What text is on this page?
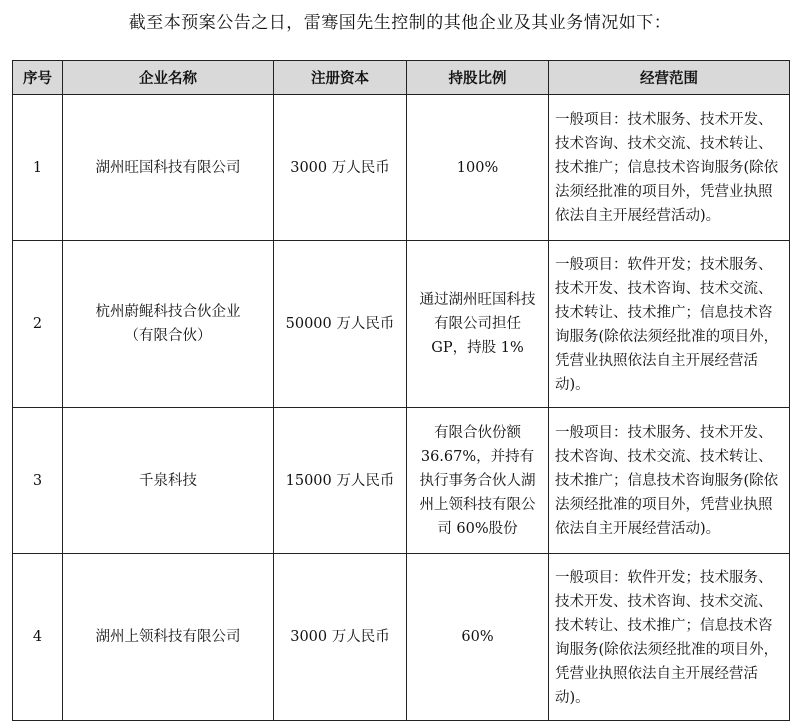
截至本预案公告之日，雷骞国先生控制的其他企业及其业务情况如下：
序号	企业名称	注册资本	持股比例	经营范围
1	湖州旺国科技有限公司	3000 万人民币	100%	一般项目：技术服务、技术开发、技术咨询、技术交流、技术转让、技术推广；信息技术咨询服务(除依法须经批准的项目外，凭营业执照依法自主开展经营活动)。
2	杭州蔚鲲科技合伙企业（有限合伙）	50000 万人民币	通过湖州旺国科技有限公司担任 GP，持股 1%	一般项目：软件开发；技术服务、技术开发、技术咨询、技术交流、技术转让、技术推广；信息技术咨询服务(除依法须经批准的项目外，凭营业执照依法自主开展经营活动)。
3	千泉科技	15000 万人民币	有限合伙份额 36.67%，并持有执行事务合伙人湖州上领科技有限公司 60%股份	一般项目：技术服务、技术开发、技术咨询、技术交流、技术转让、技术推广；信息技术咨询服务(除依法须经批准的项目外，凭营业执照依法自主开展经营活动)。
4	湖州上领科技有限公司	3000 万人民币	60%	一般项目：软件开发；技术服务、技术开发、技术咨询、技术交流、技术转让、技术推广；信息技术咨询服务(除依法须经批准的项目外，凭营业执照依法自主开展经营活动)。
